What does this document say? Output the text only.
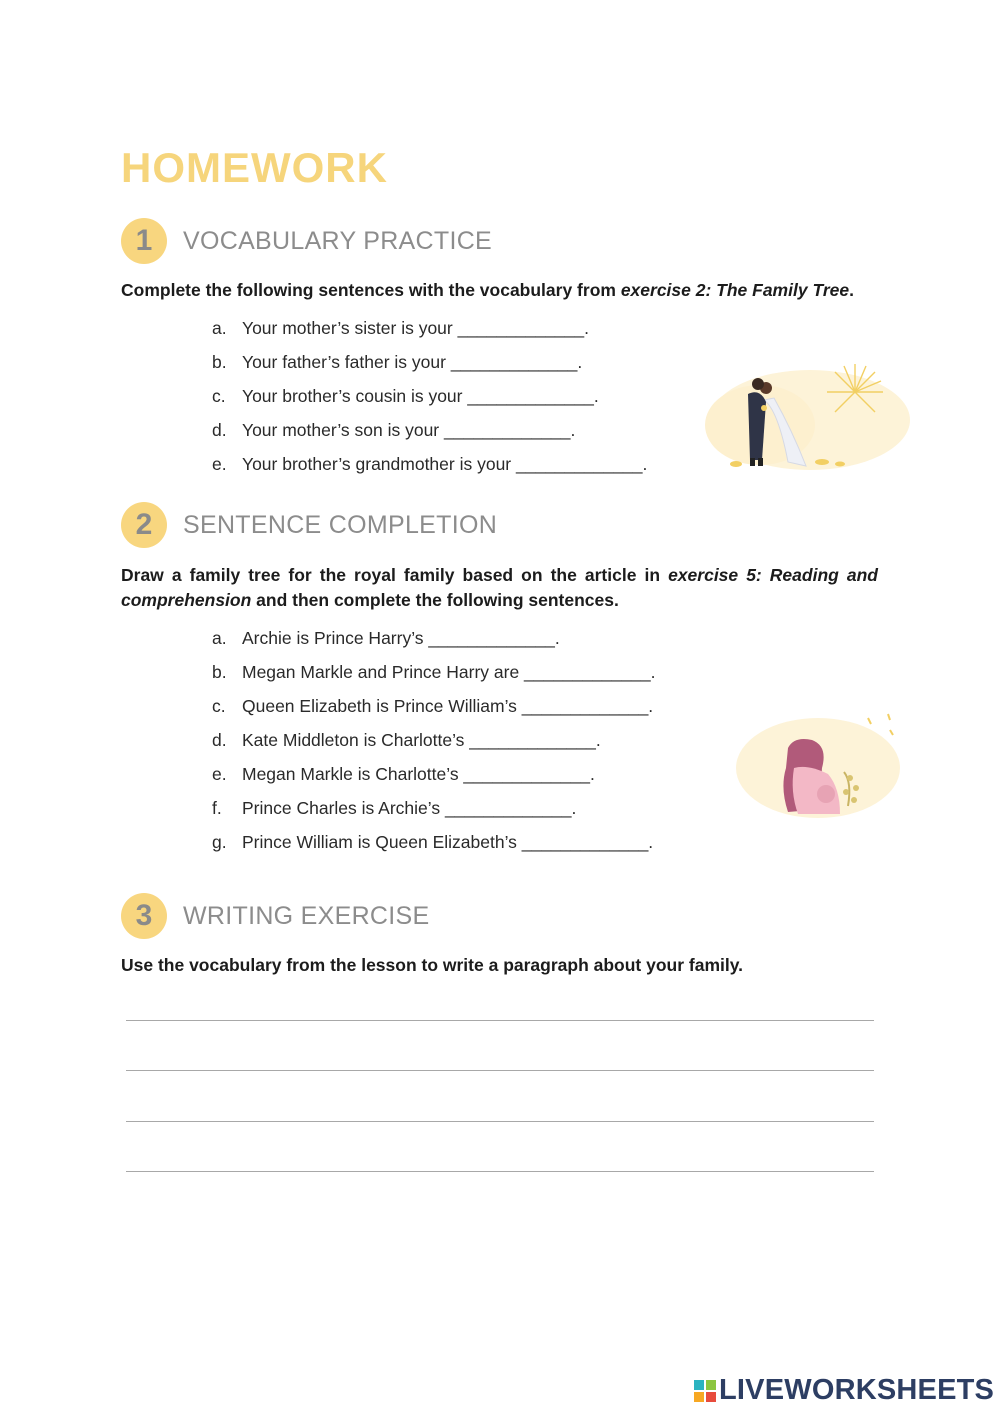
HOMEWORK
1	VOCABULARY PRACTICE

Complete the following sentences with the vocabulary from exercise 2: The Family Tree.

a. Your mother’s sister is your _____________.
b. Your father’s father is your _____________.
c. Your brother’s cousin is your _____________.
d. Your mother’s son is your _____________.
e. Your brother’s grandmother is your _____________.
2	SENTENCE COMPLETION

Draw a family tree for the royal family based on the article in exercise 5: Reading and comprehension and then complete the following sentences.

a. Archie is Prince Harry’s _____________.
b. Megan Markle and Prince Harry are _____________.
c. Queen Elizabeth is Prince William’s _____________.
d. Kate Middleton is Charlotte’s _____________.
e. Megan Markle is Charlotte’s _____________.
f.	Prince Charles is Archie’s _____________.
g. Prince William is Queen Elizabeth’s _____________.
3	WRITING EXERCISE

Use the vocabulary from the lesson to write a paragraph about your family.

LIVEWORKSHEETS
